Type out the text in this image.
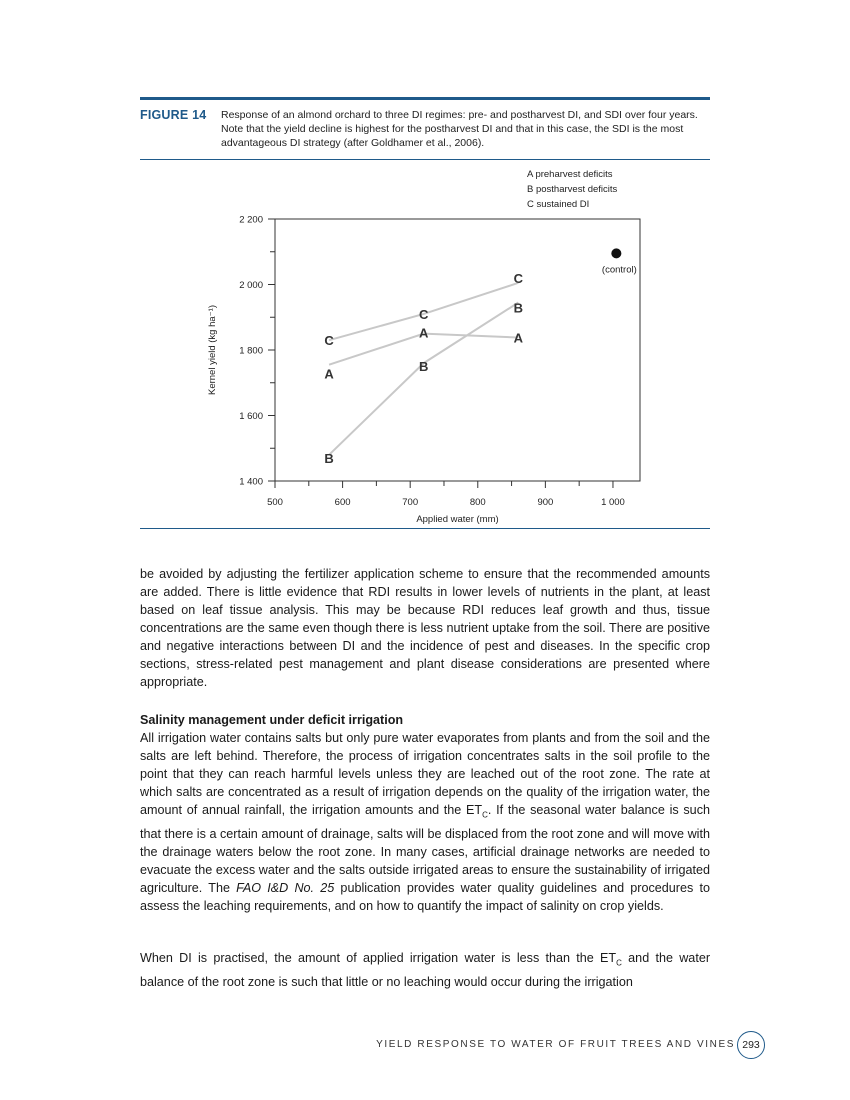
FIGURE 14 Response of an almond orchard to three DI regimes: pre- and postharvest DI, and SDI over four years. Note that the yield decline is highest for the postharvest DI and that in this case, the SDI is the most advantageous DI strategy (after Goldhamer et al., 2006).
1 400
1 600
1 800
2 000
2 200
500	600	700	800	900	1 000
Applied water (mm)
Kernel yield (kg ha⁻¹)	A
A	A
B
B
B
C
C
C
(control)
A preharvest deficits
B postharvest deficits
C sustained DI

be avoided by adjusting the fertilizer application scheme to ensure that the recommended amounts are added. There is little evidence that RDI results in lower levels of nutrients in the plant, at least based on leaf tissue analysis. This may be because RDI reduces leaf growth and thus, tissue concentrations are the same even though there is less nutrient uptake from the soil. There are positive and negative interactions between DI and the incidence of pest and diseases. In the specific crop sections, stress-related pest management and plant disease considerations are presented where appropriate.

Salinity management under deficit irrigation

All irrigation water contains salts but only pure water evaporates from plants and from the soil and the salts are left behind. Therefore, the process of irrigation concentrates salts in the soil profile to the point that they can reach harmful levels unless they are leached out of the root zone. The rate at which salts are concentrated as a result of irrigation depends on the quality of the irrigation water, the amount of annual rainfall, the irrigation amounts and the $ET_C$. If the seasonal water balance is such that there is a certain amount of drainage, salts will be displaced from the root zone and will move with the drainage waters below the root zone. In many cases, artificial drainage networks are needed to evacuate the excess water and the salts outside irrigated areas to ensure the sustainability of irrigated agriculture. The FAO I&D No. 25 publication provides water quality guidelines and procedures to assess the leaching requirements, and on how to quantify the impact of salinity on crop yields.

When DI is practised, the amount of applied irrigation water is less than the $ET_C$ and the water balance of the root zone is such that little or no leaching would occur during the irrigation

YIELD RESPONSE TO WATER OF FRUIT TREES AND VINES 293
